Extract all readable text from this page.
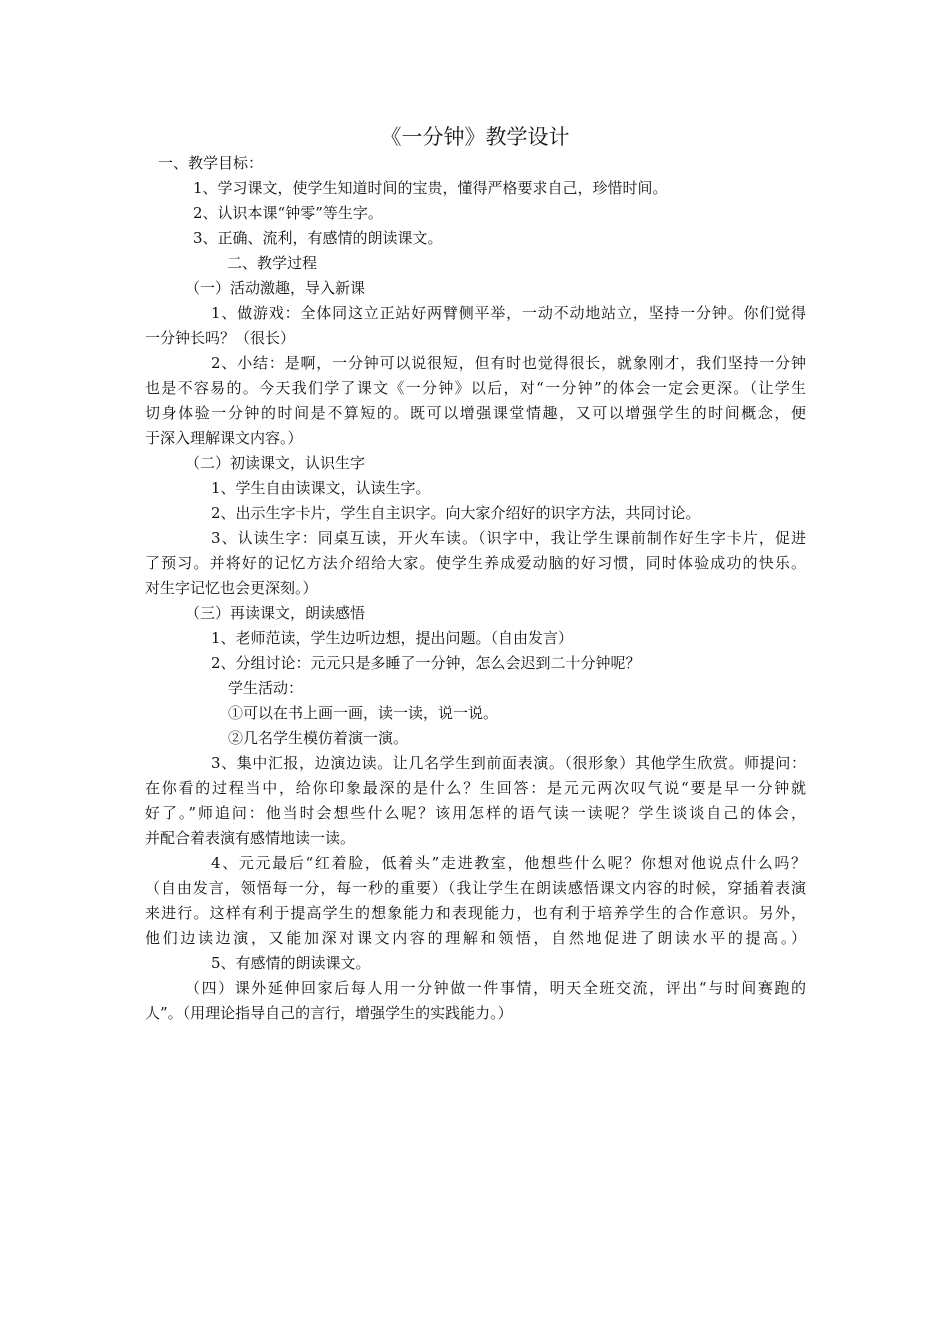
《一分钟》教学设计
一、教学目标：
1、学习课文，使学生知道时间的宝贵，懂得严格要求自己，珍惜时间。
2、认识本课“钟零”等生字。
3、正确、流利，有感情的朗读课文。
二、教学过程
（一）活动激趣，导入新课
1、做游戏：全体同这立正站好两臂侧平举，一动不动地站立，坚持一分钟。你们觉得
一分钟长吗？（很长）
2、小结：是啊，一分钟可以说很短，但有时也觉得很长，就象刚才，我们坚持一分钟
也是不容易的。今天我们学了课文《一分钟》以后，对“一分钟”的体会一定会更深。（让学生
切身体验一分钟的时间是不算短的。既可以增强课堂情趣，又可以增强学生的时间概念，便
于深入理解课文内容。）
（二）初读课文，认识生字
1、学生自由读课文，认读生字。
2、出示生字卡片，学生自主识字。向大家介绍好的识字方法，共同讨论。
3、认读生字：同桌互读，开火车读。（识字中，我让学生课前制作好生字卡片，促进
了预习。并将好的记忆方法介绍给大家。使学生养成爱动脑的好习惯，同时体验成功的快乐。
对生字记忆也会更深刻。）
（三）再读课文，朗读感悟
1、老师范读，学生边听边想，提出问题。（自由发言）
2、分组讨论：元元只是多睡了一分钟，怎么会迟到二十分钟呢？
学生活动：
①可以在书上画一画，读一读，说一说。
②几名学生模仿着演一演。
3、集中汇报，边演边读。让几名学生到前面表演。（很形象）其他学生欣赏。师提问：
在你看的过程当中，给你印象最深的是什么？生回答：是元元两次叹气说“要是早一分钟就
好了。”师追问：他当时会想些什么呢？该用怎样的语气读一读呢？学生谈谈自己的体会，
并配合着表演有感情地读一读。
4、元元最后“红着脸，低着头”走进教室，他想些什么呢？你想对他说点什么吗？
（自由发言，领悟每一分，每一秒的重要）（我让学生在朗读感悟课文内容的时候，穿插着表演
来进行。这样有利于提高学生的想象能力和表现能力，也有利于培养学生的合作意识。另外，
他们边读边演，又能加深对课文内容的理解和领悟，自然地促进了朗读水平的提高。）
5、有感情的朗读课文。
（四）课外延伸回家后每人用一分钟做一件事情，明天全班交流，评出“与时间赛跑的
人”。（用理论指导自己的言行，增强学生的实践能力。）
